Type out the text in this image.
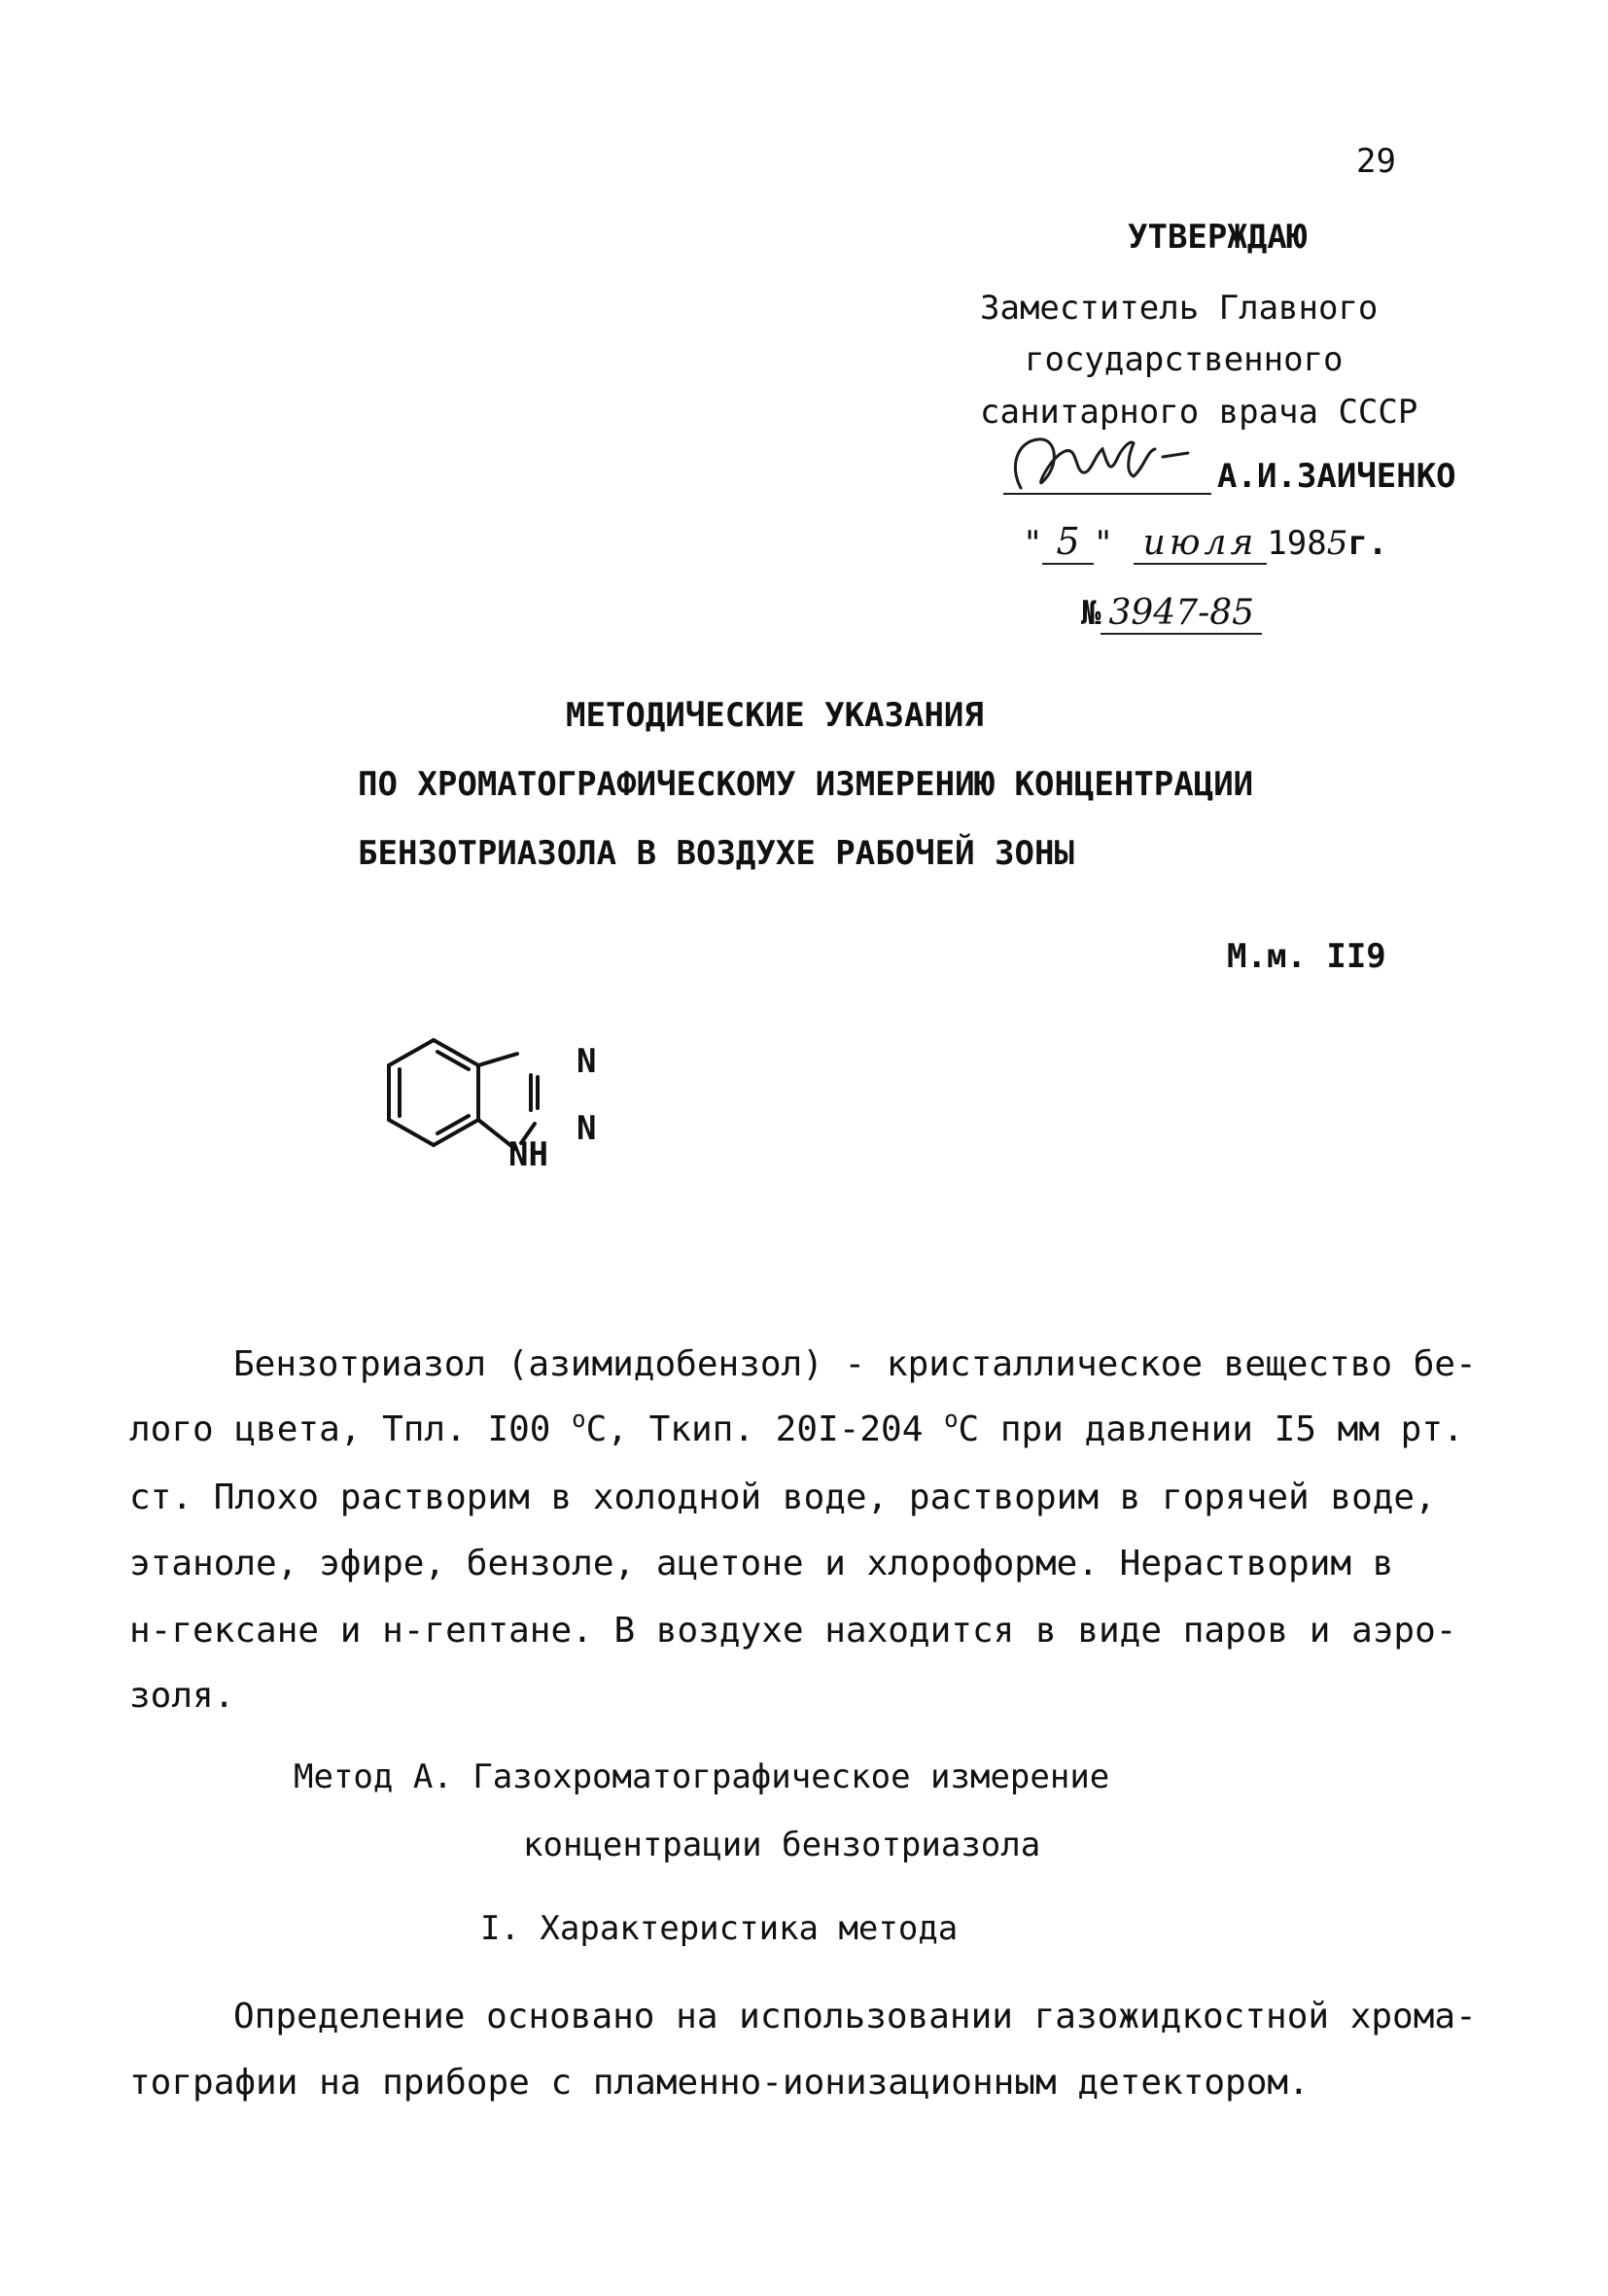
29
УТВЕРЖДАЮ
Заместитель Главного
государственного
санитарного врача СССР
А.И.ЗАИЧЕНКО
" 5 " июля 1985г.
№ 3947-85
МЕТОДИЧЕСКИЕ УКАЗАНИЯ
ПО ХРОМАТОГРАФИЧЕСКОМУ ИЗМЕРЕНИЮ КОНЦЕНТРАЦИИ
БЕНЗОТРИАЗОЛА В ВОЗДУХЕ РАБОЧЕЙ ЗОНЫ
М.м. II9
N
N
NH
Бензотриазол (азимидобензол) - кристаллическое вещество бе-
лого цвета, Тпл. I00 $^o$С, Ткип. 20I-204 $^o$С при давлении I5 мм рт.
ст. Плохо растворим в холодной воде, растворим в горячей воде,
этаноле, эфире, бензоле, ацетоне и хлороформе. Нерастворим в
н-гексане и н-гептане. В воздухе находится в виде паров и аэро-
золя.
Метод А. Газохроматографическое измерение
концентрации бензотриазола
I. Характеристика метода
Определение основано на использовании газожидкостной хрома-
тографии на приборе с пламенно-ионизационным детектором.
